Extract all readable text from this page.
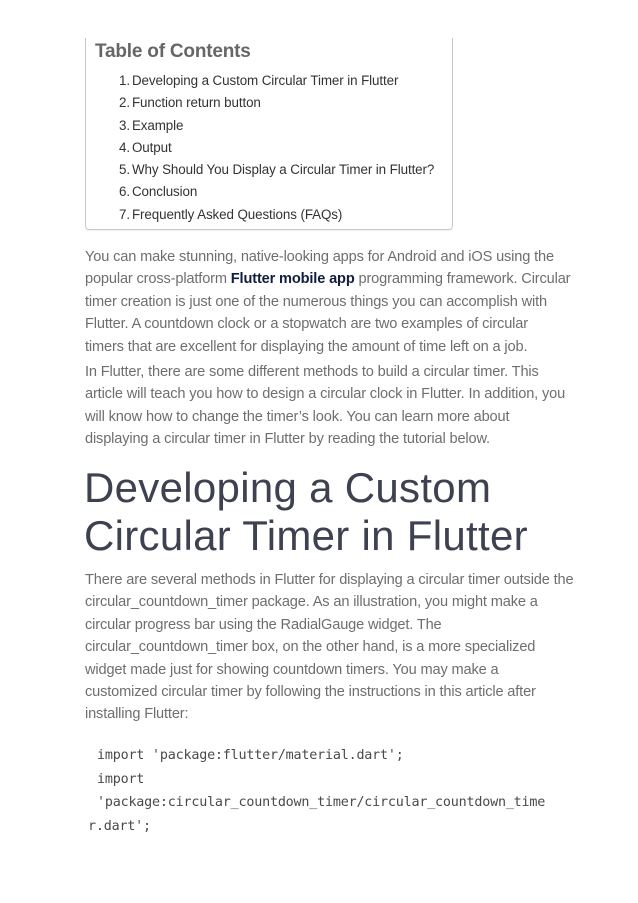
Table of Contents
1. Developing a Custom Circular Timer in Flutter
2. Function return button
3. Example
4. Output
5. Why Should You Display a Circular Timer in Flutter?
6. Conclusion
7. Frequently Asked Questions (FAQs)

You can make stunning, native-looking apps for Android and iOS using the
popular cross-platform Flutter mobile app programming framework. Circular
timer creation is just one of the numerous things you can accomplish with
Flutter. A countdown clock or a stopwatch are two examples of circular
timers that are excellent for displaying the amount of time left on a job.

In Flutter, there are some different methods to build a circular timer. This
article will teach you how to design a circular clock in Flutter. In addition, you
will know how to change the timer’s look. You can learn more about
displaying a circular timer in Flutter by reading the tutorial below.

Developing a Custom
Circular Timer in Flutter

There are several methods in Flutter for displaying a circular timer outside the
circular_countdown_timer package. As an illustration, you might make a
circular progress bar using the RadialGauge widget. The
circular_countdown_timer box, on the other hand, is a more specialized
widget made just for showing countdown timers. You may make a
customized circular timer by following the instructions in this article after
installing Flutter:

import 'package:flutter/material.dart';
import
'package:circular_countdown_timer/circular_countdown_time
r.dart';
